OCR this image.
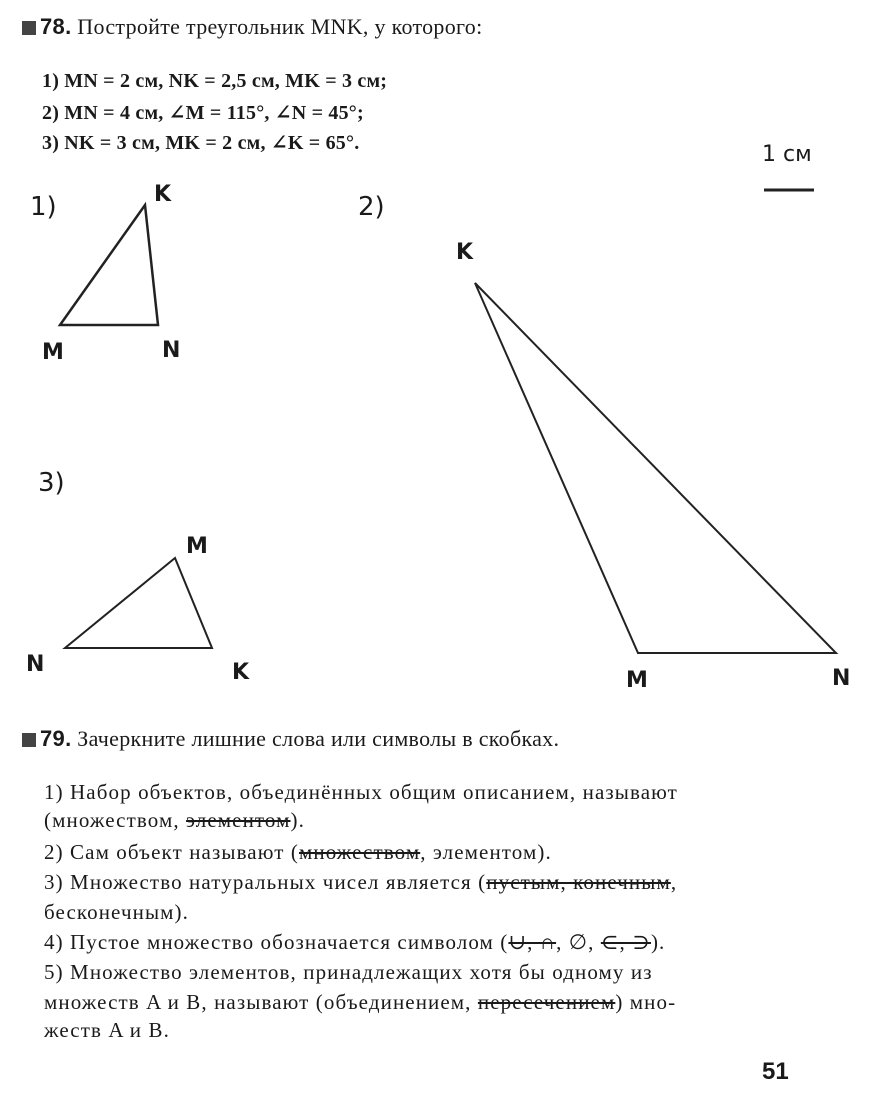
78. Постройте треугольник MNK, у которого:
1) MN = 2 см, NK = 2,5 см, MK = 3 см;
2) MN = 4 см, ∠M = 115°, ∠N = 45°;
3) NK = 3 см, MK = 2 см, ∠K = 65°.	1 см
1)	2)
3)
K
M	N
K
M	N
M
N	K
79. Зачеркните лишние слова или символы в скобках.
1) Набор объектов, объединённых общим описанием, называют
(множеством, элементом).
2) Сам объект называют (множеством, элементом).
3) Множество натуральных чисел является (пустым, конечным,
бесконечным).
4) Пустое множество обозначается символом (∪, ∩, ∅, ⊂, ⊃).
5) Множество элементов, принадлежащих хотя бы одному из
множеств A и B, называют (объединением, пересечением) мно-
жеств A и B.
51
